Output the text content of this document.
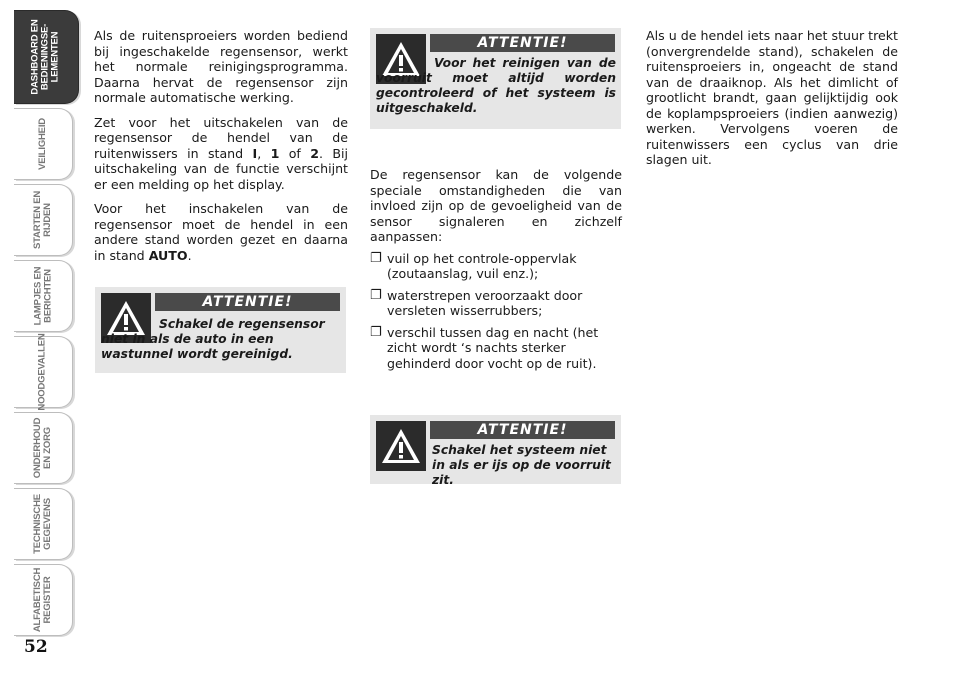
DASHBOARD EN
BEDIENINGSE-
LEMENTEN
VEILIGHEID
STARTEN EN
RIJDEN
LAMPJES EN
BERICHTEN
NOODGEVALLEN
ONDERHOUD
EN ZORG
TECHNISCHE
GEGEVENS
ALFABETISCH
REGISTER
52

Als de ruitensproeiers worden bediend bij ingeschakelde regensensor, werkt het normale reinigingsprogramma. Daarna hervat de regensensor zijn normale automatische werking.

Zet voor het uitschakelen van de regensensor de hendel van de ruitenwissers in stand I, 1 of 2. Bij uitschakeling van de functie verschijnt er een melding op het display.

Voor het inschakelen van de regensensor moet de hendel in een andere stand worden gezet en daarna in stand AUTO.

ATTENTIE!
Schakel de regensensor niet in als de auto in een wastunnel wordt gereinigd.
ATTENTIE!
Voor het reinigen van de voorruit moet altijd worden gecontroleerd of het systeem is uitgeschakeld.

De regensensor kan de volgende speciale omstandigheden die van invloed zijn op de gevoeligheid van de sensor signaleren en zichzelf aanpassen:

❐ vuil op het controle-oppervlak (zoutaanslag, vuil enz.);
❐ waterstrepen veroorzaakt door versleten wisserrubbers;
❐ verschil tussen dag en nacht (het zicht wordt ‘s nachts sterker gehinderd door vocht op de ruit).
ATTENTIE!
Schakel het systeem niet in als er ijs op de voorruit zit.

Als u de hendel iets naar het stuur trekt (onvergrendelde stand), schakelen de ruitensproeiers in, ongeacht de stand van de draaiknop. Als het dimlicht of grootlicht brandt, gaan gelijktijdig ook de koplampsproeiers (indien aanwezig) werken. Vervolgens voeren de ruitenwissers een cyclus van drie slagen uit.
